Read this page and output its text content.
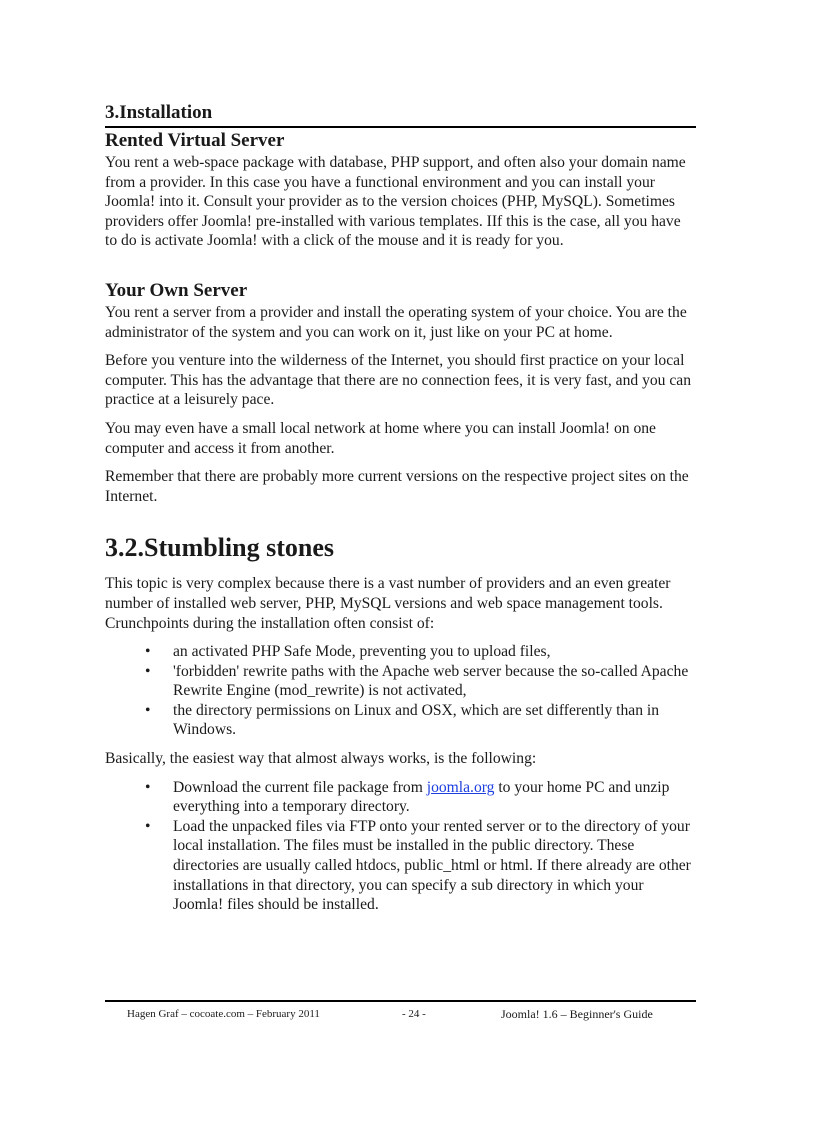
3.Installation
Rented Virtual Server

You rent a web-space package with database, PHP support, and often also your domain name from a provider. In this case you have a functional environment and you can install your Joomla! into it. Consult your provider as to the version choices (PHP, MySQL). Sometimes providers offer Joomla! pre-installed with various templates. IIf this is the case, all you have to do is activate Joomla! with a click of the mouse and it is ready for you.

Your Own Server

You rent a server from a provider and install the operating system of your choice. You are the administrator of the system and you can work on it, just like on your PC at home.

Before you venture into the wilderness of the Internet, you should first practice on your local computer. This has the advantage that there are no connection fees, it is very fast, and you can practice at a leisurely pace.

You may even have a small local network at home where you can install Joomla! on one computer and access it from another.

Remember that there are probably more current versions on the respective project sites on the Internet.

3.2.Stumbling stones

This topic is very complex because there is a vast number of providers and an even greater number of installed web server, PHP, MySQL versions and web space management tools. Crunchpoints during the installation often consist of:

• an activated PHP Safe Mode, preventing you to upload files,
• 'forbidden' rewrite paths with the Apache web server because the so-called Apache Rewrite Engine (mod_rewrite) is not activated,
• the directory permissions on Linux and OSX, which are set differently than in Windows.

Basically, the easiest way that almost always works, is the following:

• Download the current file package from joomla.org to your home PC and unzip everything into a temporary directory.
• Load the unpacked files via FTP onto your rented server or to the directory of your local installation. The files must be installed in the public directory. These directories are usually called htdocs, public_html or html. If there already are other installations in that directory, you can specify a sub directory in which your Joomla! files should be installed.
Hagen Graf – cocoate.com – February 2011	- 24 -	Joomla! 1.6 – Beginner's Guide
